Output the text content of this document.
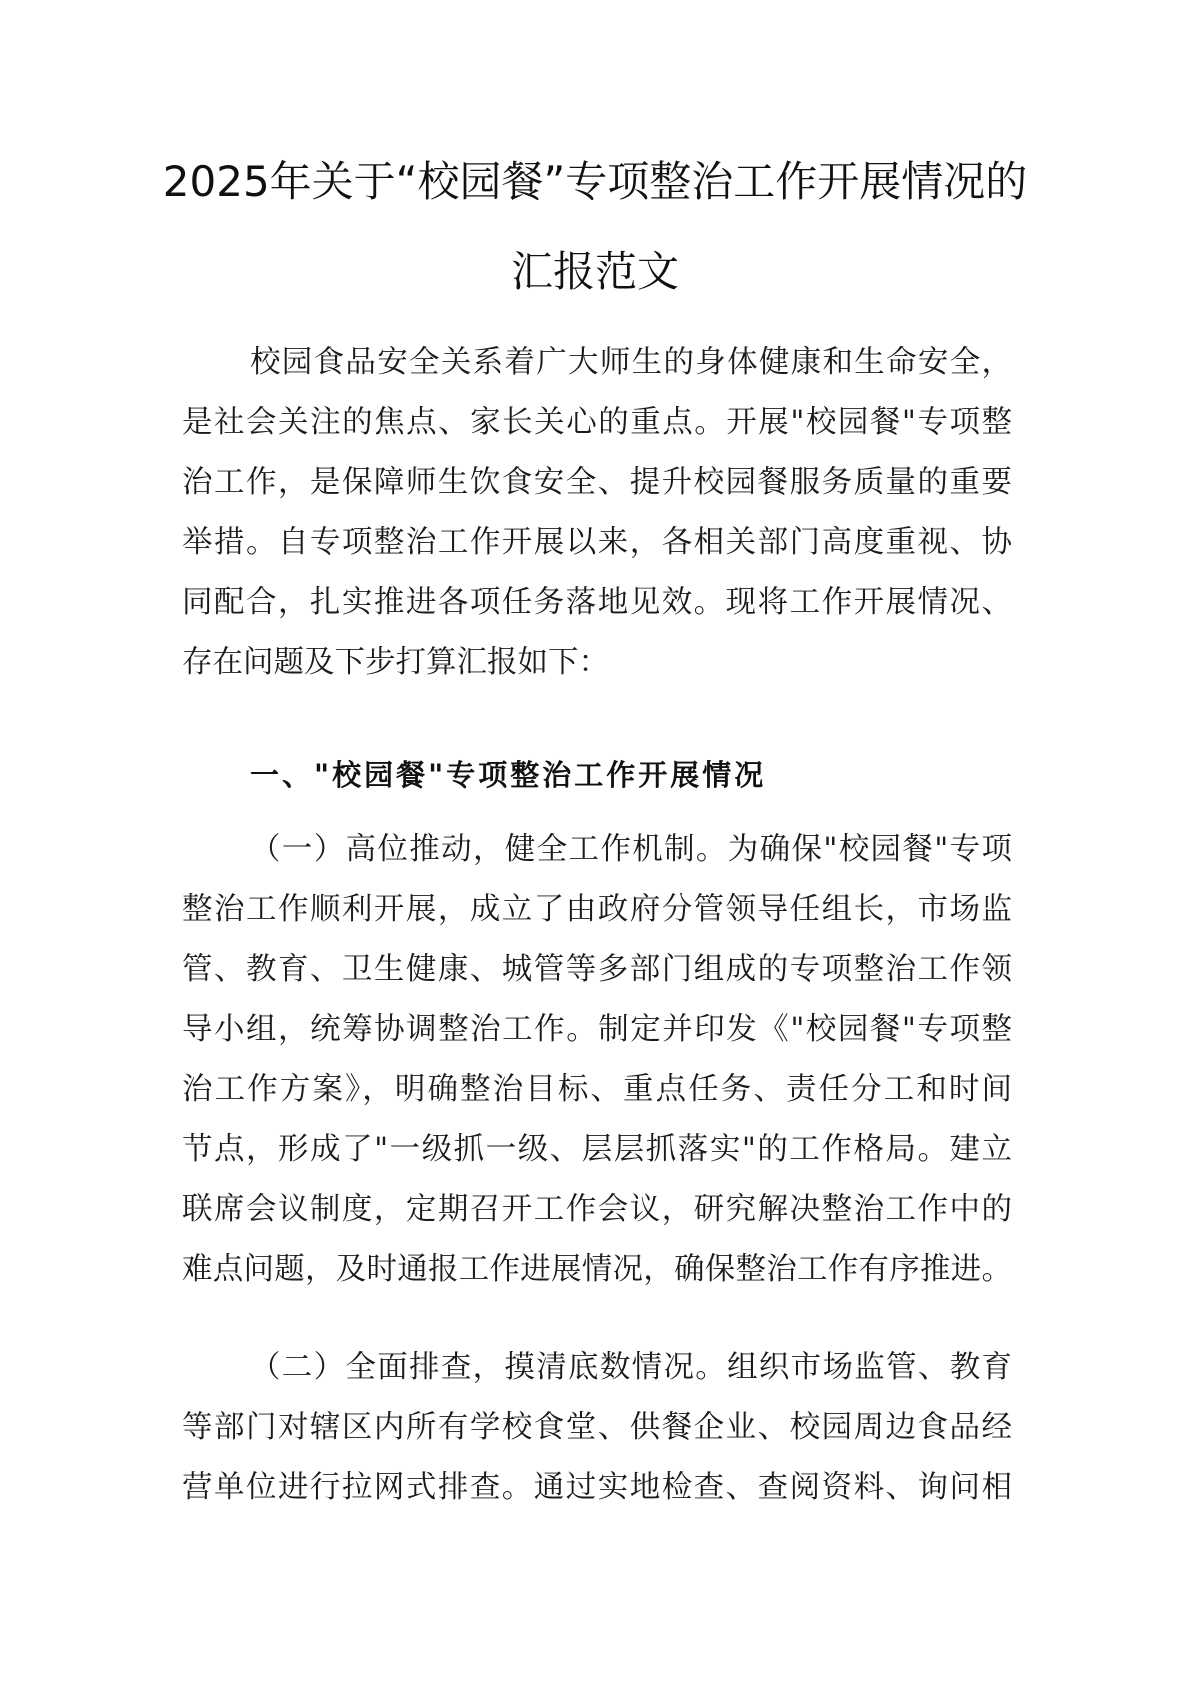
2025年关于“校园餐”专项整治工作开展情况的
汇报范文
校园食品安全关系着广大师生的身体健康和生命安全，
是社会关注的焦点、家长关心的重点。开展"校园餐"专项整
治工作，是保障师生饮食安全、提升校园餐服务质量的重要
举措。自专项整治工作开展以来，各相关部门高度重视、协
同配合，扎实推进各项任务落地见效。现将工作开展情况、
存在问题及下步打算汇报如下：
一、"校园餐"专项整治工作开展情况
（一）高位推动，健全工作机制。为确保"校园餐"专项
整治工作顺利开展，成立了由政府分管领导任组长，市场监
管、教育、卫生健康、城管等多部门组成的专项整治工作领
导小组，统筹协调整治工作。制定并印发《"校园餐"专项整
治工作方案》，明确整治目标、重点任务、责任分工和时间
节点，形成了"一级抓一级、层层抓落实"的工作格局。建立
联席会议制度，定期召开工作会议，研究解决整治工作中的
难点问题，及时通报工作进展情况，确保整治工作有序推进。
（二）全面排查，摸清底数情况。组织市场监管、教育
等部门对辖区内所有学校食堂、供餐企业、校园周边食品经
营单位进行拉网式排查。通过实地检查、查阅资料、询问相
